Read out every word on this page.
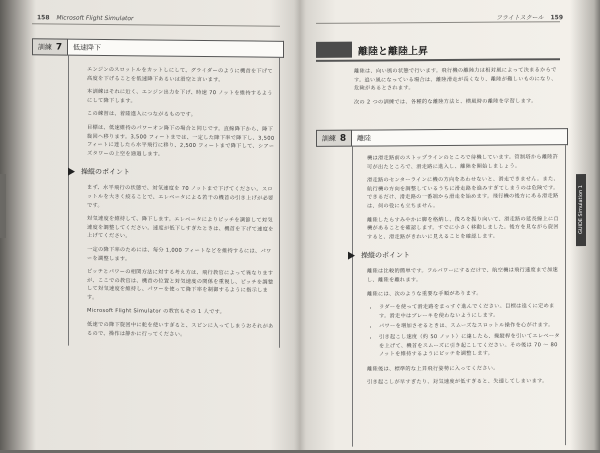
158 Microsoft Flight Simulator
訓練 7	低速降下

エンジンのスロットルをカットしにして、グライダーのように機首を下げて高度を下げることを低速降下あるいは滑空と言います。

本訓練はそれに近く、エンジン出力を下げ、時速 70 ノットを維持するようにして降下します。

この練習は、着陸進入につながるものです。

目標は、低速維持のパワーオン降下の場合と同じです。直線降下から、降下旋回へ移ります。3,500 フィートまでは、一定した降下率で降下し、3,500 フィートに達したら水平飛行に移り、2,500 フィートまで降下して、シアーズタワーの上空を通過します。

操縦のポイント

まず、水平飛行の状態で、対気速度を 70 ノットまで下げてください。スロットルを大きく絞ることで、エレベータによる若干の機首の引き上げが必要です。

対気速度を維持して、降下します。エレベータによりピッチを調節して対気速度を調整してください。速度が低下しすぎたときは、機首を下げて速度を上げてください。

一定の降下率のためには、毎分 1,000 フィートなどを維持するには、パワーを調整します。

ピッチとパワーの相関方法に対する考え方は、飛行教官によって異なりますが、ここでの教官は、機首の位置と対気速度の関係を重視し、ピッチを調整して対気速度を維持し、パワーを使って降下率を制御するように指示します。

Microsoft Flight Simulator の教官もその 1 人です。

低速での降下旋回中に舵を使いすぎると、スピンに入ってしまうおそれがあるので、操作は静かに行ってください。

フライトスクール 159
離陸と離陸上昇

離陸は、向い風の状態で行います。飛行機の離陸力は相対風によって決まるからです。追い風になっている場合は、離陸滑走が長くなり、離陸が難しいものになり、危険があるとされます。

次の 2 つの訓練では、各種的な離陸方法と、横風時の離陸を学習します。

訓練 8	離陸

機は滑走路前のストップラインのところで待機しています。管制塔から離陸許可が出たところで、滑走路に進入し、離陸を開始しましょう。

滑走路のセンターラインに機の方向をあわせないと、滑走できません。また、航行機の方向を調整しているうちに滑走路を進みすぎてしまうのは危険です。できるだけ、滑走路の一番端から滑走を始めます。飛行機の後方にある滑走路は、何の役にも立ちません。

離陸したらすみやかに脚を格納し、後ろを振り向いて、滑走路の延長線上に自機があることを確認します。すでに小さく移動しました。後方を見ながら旋回すると、滑走路がきれいに見えることを確認します。

操縦のポイント

離陸は比較的簡単です。フルパワーにするだけで、航空機は飛行速度まで加速し、離陸を離れます。

離陸には、次のような重要な手順があります。

• ラダーを使って滑走路をまっすぐ進んでください。目標は遠くに定めます。滑走中はブレーキを使わないようにします。
• パワーを増加させるときは、スムーズなスロットル操作を心がけます。
• 引き起こし速度（約 50 ノット）に達したら、操縦桿を引いてエレベータを上げて、機首をスムーズに引き起こしてください。その後は 70 〜 80 ノットを維持するようにピッチを調整します。

離陸後は、標準的な上昇飛行姿勢に入ってください。

引き起こしが早すぎたり、対気速度が低すぎると、失速してしまいます。

GUIDE Simulation 1
